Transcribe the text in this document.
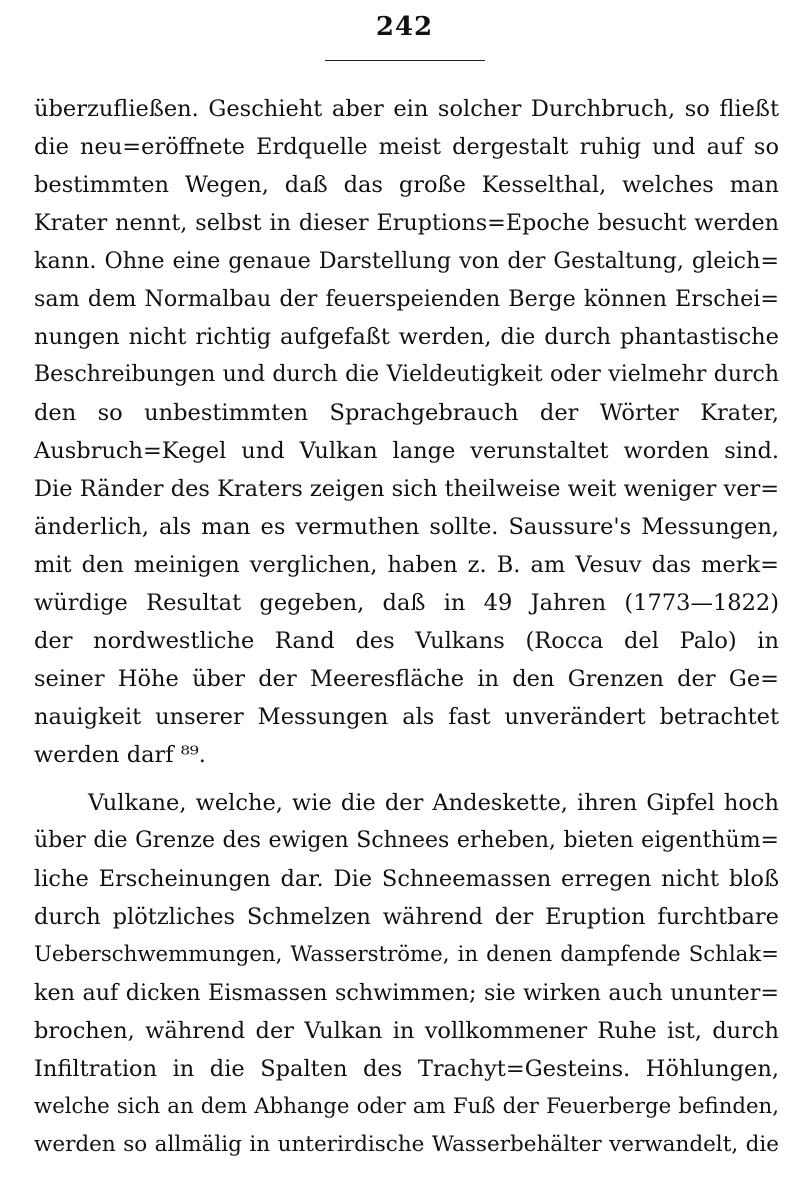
242
überzufließen. Geschieht aber ein solcher Durchbruch, so fließt
die neu=eröffnete Erdquelle meist dergestalt ruhig und auf so
bestimmten Wegen, daß das große Kesselthal, welches man
Krater nennt, selbst in dieser Eruptions=Epoche besucht werden
kann. Ohne eine genaue Darstellung von der Gestaltung, gleich=
sam dem Normalbau der feuerspeienden Berge können Erschei=
nungen nicht richtig aufgefaßt werden, die durch phantastische
Beschreibungen und durch die Vieldeutigkeit oder vielmehr durch
den so unbestimmten Sprachgebrauch der Wörter Krater,
Ausbruch=Kegel und Vulkan lange verunstaltet worden sind.
Die Ränder des Kraters zeigen sich theilweise weit weniger ver=
änderlich, als man es vermuthen sollte. Saussure's Messungen,
mit den meinigen verglichen, haben z. B. am Vesuv das merk=
würdige Resultat gegeben, daß in 49 Jahren (1773—1822)
der nordwestliche Rand des Vulkans (Rocca del Palo) in
seiner Höhe über der Meeresfläche in den Grenzen der Ge=
nauigkeit unserer Messungen als fast unverändert betrachtet
werden darf ⁸⁹.
Vulkane, welche, wie die der Andeskette, ihren Gipfel hoch
über die Grenze des ewigen Schnees erheben, bieten eigenthüm=
liche Erscheinungen dar. Die Schneemassen erregen nicht bloß
durch plötzliches Schmelzen während der Eruption furchtbare
Ueberschwemmungen, Wasserströme, in denen dampfende Schlak=
ken auf dicken Eismassen schwimmen; sie wirken auch ununter=
brochen, während der Vulkan in vollkommener Ruhe ist, durch
Infiltration in die Spalten des Trachyt=Gesteins. Höhlungen,
welche sich an dem Abhange oder am Fuß der Feuerberge befinden,
werden so allmälig in unterirdische Wasserbehälter verwandelt, die
